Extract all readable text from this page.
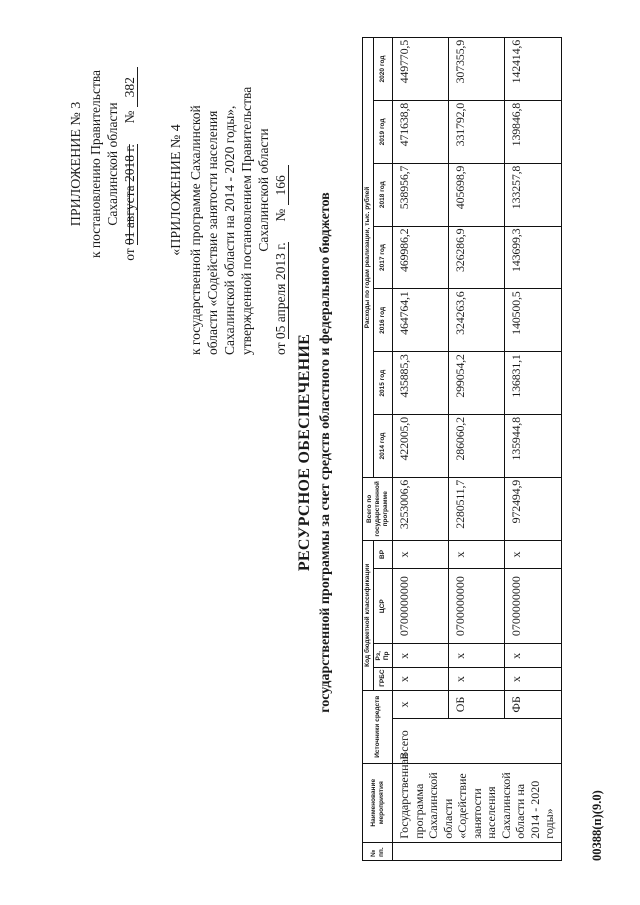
ПРИЛОЖЕНИЕ № 3 к постановлению Правительства Сахалинской области
от 01 августа 2018 г.  № 382
«ПРИЛОЖЕНИЕ № 4 к государственной программе Сахалинской области «Содействие занятости населения Сахалинской области на 2014 - 2020 годы», утвержденной постановлением Правительства Сахалинской области
от 05 апреля 2013 г.  № 166
РЕСУРСНОЕ ОБЕСПЕЧЕНИЕ государственной программы за счет средств областного и федерального бюджетов
№ пп.	Наименование мероприятия	Источники средств		Код бюджетной классификации				Всего по государственной программе	Расходы по годам реализации, тыс. рублей						
				ГРБС	Рз, Пр	ЦСР	ВР		2014 год	2015 год	2016 год	2017 год	2018 год	2019 год	2020 год
	Государственная программа Сахалинской области «Содействие занятости населения Сахалинской области на 2014 - 2020 годы»	Всего	х	х	х	0700000000	х	3253006,6	422005,0	435885,3	464764,1	469986,2	538956,7	471638,8	449770,5
			ОБ	х	х	0700000000	х	2280511,7	286060,2	299054,2	324263,6	326286,9	405698,9	331792,0	307355,9
			ФБ	х	х	0700000000	х	972494,9	135944,8	136831,1	140500,5	143699,3	133257,8	139846,8	142414,6
00388(п)(9.0)
